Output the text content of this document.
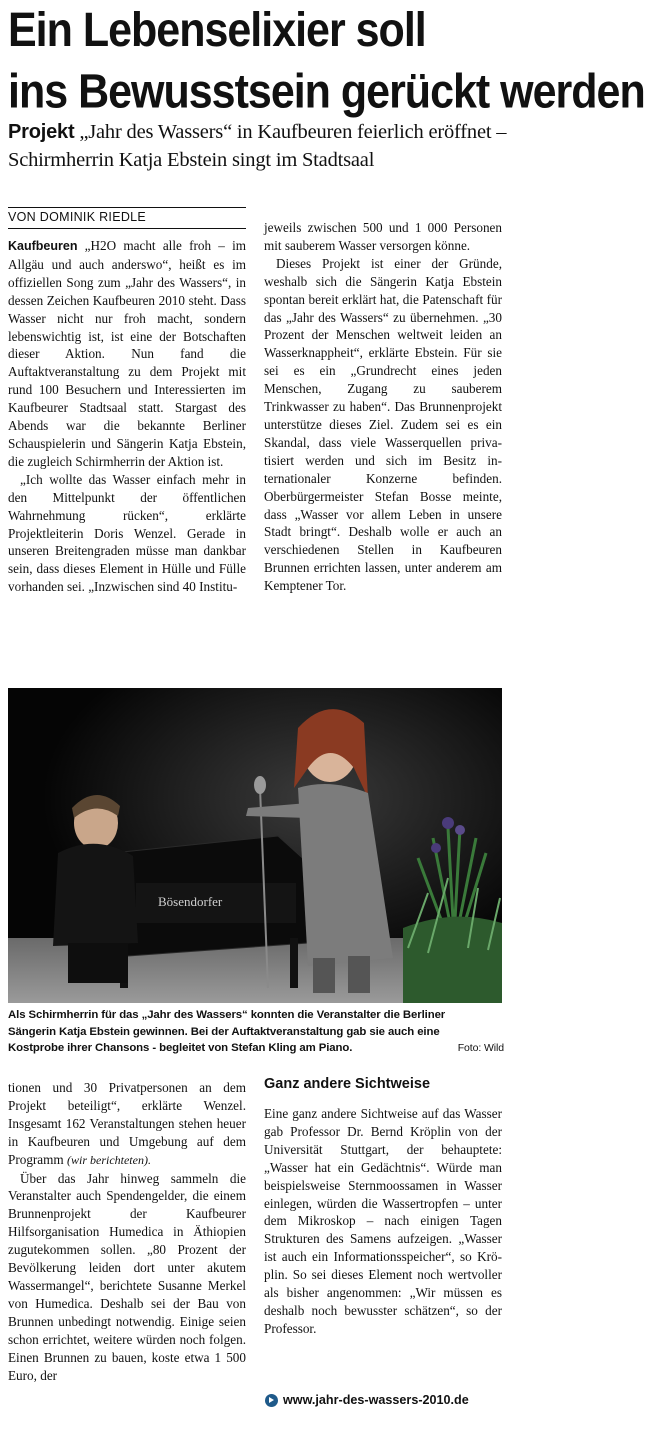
Ein Lebenselixier soll
ins Bewusstsein gerückt werden
Projekt „Jahr des Wassers“ in Kaufbeuren feierlich eröffnet –
Schirmherrin Katja Ebstein singt im Stadtsaal
VON DOMINIK RIEDLE

Kaufbeuren „H2O macht alle froh – im Allgäu und auch anderswo“, heißt es im offiziellen Song zum „Jahr des Wassers“, in dessen Zeichen Kaufbeuren 2010 steht. Dass Wasser nicht nur froh macht, sondern lebenswichtig ist, ist eine der Botschaften dieser Aktion. Nun fand die Auftaktveranstaltung zu dem Projekt mit rund 100 Besuchern und Interessierten im Kaufbeurer Stadtsaal statt. Stargast des Abends war die bekannte Berliner Schauspielerin und Sängerin Katja Ebstein, die zugleich Schirmherrin der Aktion ist.

„Ich wollte das Wasser einfach mehr in den Mittelpunkt der öffentlichen Wahrnehmung rücken“, erklärte Projektleiterin Doris Wenzel. Gerade in unseren Breitengraden müsse man dankbar sein, dass dieses Element in Hülle und Fülle vorhanden sei. „Inzwischen sind 40 Institu-

jeweils zwischen 500 und 1 000 Personen mit sauberem Wasser versorgen könne.

Dieses Projekt ist einer der Gründe, weshalb sich die Sängerin Katja Ebstein spontan bereit erklärt hat, die Patenschaft für das „Jahr des Wassers“ zu übernehmen. „30 Prozent der Menschen weltweit leiden an Wasserknappheit“, erklärte Ebstein. Für sie sei es ein „Grundrecht eines jeden Menschen, Zugang zu sauberem Trinkwasser zu haben“. Das Brunnenprojekt unterstütze dieses Ziel. Zudem sei es ein Skandal, dass viele Wasserquellen privatisiert werden und sich im Besitz internationaler Konzerne befinden. Oberbürgermeister Stefan Bosse meinte, dass „Wasser vor allem Leben in unsere Stadt bringt“. Deshalb wolle er auch an verschiedenen Stellen in Kaufbeuren Brunnen errichten lassen, unter anderem am Kemptener Tor.

Bösendorfer
Als Schirmherrin für das „Jahr des Wassers“ konnten die Veranstalter die Berliner
Sängerin Katja Ebstein gewinnen. Bei der Auftaktveranstaltung gab sie auch eine
Foto: Wild
Kostprobe ihrer Chansons - begleitet von Stefan Kling am Piano.

tionen und 30 Privatpersonen an dem Projekt beteiligt“, erklärte Wenzel. Insgesamt 162 Veranstaltungen stehen heuer in Kaufbeuren und Umgebung auf dem Programm (wir berichteten).

Über das Jahr hinweg sammeln die Veranstalter auch Spendengelder, die einem Brunnenprojekt der Kaufbeurer Hilfsorganisation Humedica in Äthiopien zugutekommen sollen. „80 Prozent der Bevölkerung leiden dort unter akutem Wassermangel“, berichtete Susanne Merkel von Humedica. Deshalb sei der Bau von Brunnen unbedingt notwendig. Einige seien schon errichtet, weitere würden noch folgen. Einen Brunnen zu bauen, koste etwa 1 500 Euro, der

Ganz andere Sichtweise

Eine ganz andere Sichtweise auf das Wasser gab Professor Dr. Bernd Kröplin von der Universität Stuttgart, der behauptete: „Wasser hat ein Gedächtnis“. Würde man beispielsweise Sternmoossamen in Wasser einlegen, würden die Wassertropfen – unter dem Mikroskop – nach einigen Tagen Strukturen des Samens aufzeigen. „Wasser ist auch ein Informationsspeicher“, so Kröplin. So sei dieses Element noch wertvoller als bisher angenommen: „Wir müssen es deshalb noch bewusster schätzen“, so der Professor.

www.jahr-des-wassers-2010.de
